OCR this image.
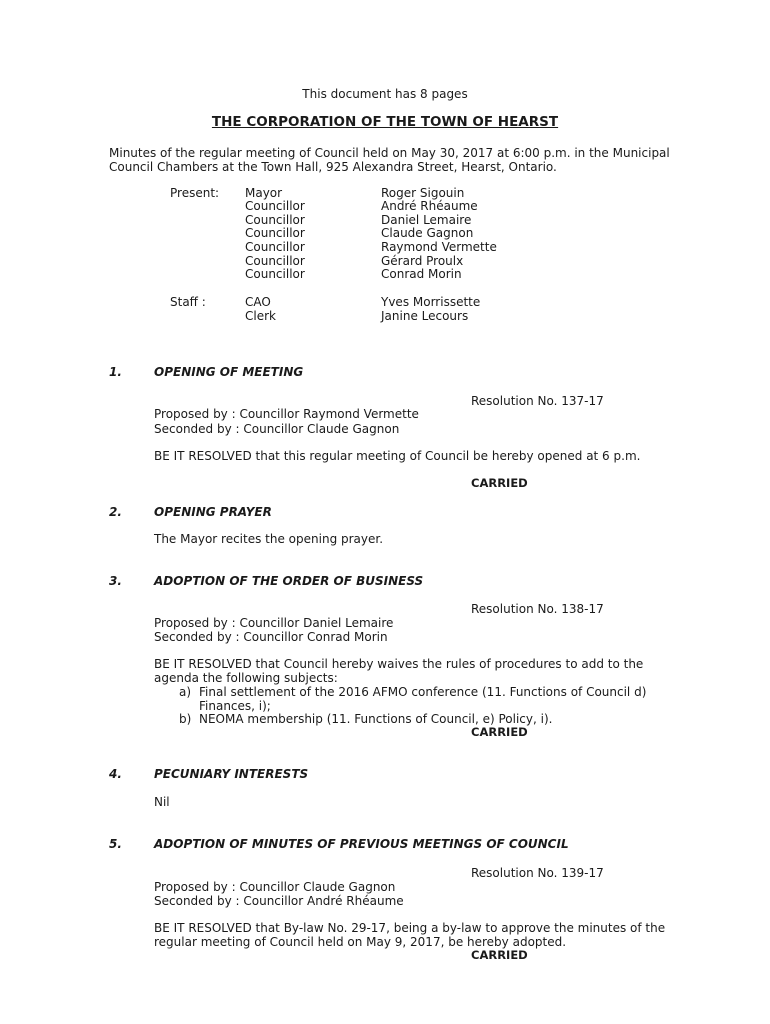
This document has 8 pages
THE CORPORATION OF THE TOWN OF HEARST
Minutes of the regular meeting of Council held on May 30, 2017 at 6:00 p.m. in the Municipal Council Chambers at the Town Hall, 925 Alexandra Street, Hearst, Ontario.
Present: Mayor	Roger Sigouin
Councillor	André Rhéaume
Councillor	Daniel Lemaire
Councillor	Claude Gagnon
Councillor	Raymond Vermette
Councillor	Gérard Proulx
Councillor	Conrad Morin
Staff :	CAO	Yves Morrissette
Clerk	Janine Lecours
1.	OPENING OF MEETING
Resolution No. 137-17
Proposed by : Councillor Raymond Vermette
Seconded by : Councillor Claude Gagnon
BE IT RESOLVED that this regular meeting of Council be hereby opened at 6 p.m.
CARRIED
2.	OPENING PRAYER
The Mayor recites the opening prayer.
3.	ADOPTION OF THE ORDER OF BUSINESS
Resolution No. 138-17
Proposed by : Councillor Daniel Lemaire
Seconded by : Councillor Conrad Morin
BE IT RESOLVED that Council hereby waives the rules of procedures to add to the agenda the following subjects:
a) Final settlement of the 2016 AFMO conference (11. Functions of Council d) Finances, i);
b) NEOMA membership (11. Functions of Council, e) Policy, i).
CARRIED
4.	PECUNIARY INTERESTS
Nil
5.	ADOPTION OF MINUTES OF PREVIOUS MEETINGS OF COUNCIL
Resolution No. 139-17
Proposed by : Councillor Claude Gagnon
Seconded by : Councillor André Rhéaume
BE IT RESOLVED that By-law No. 29-17, being a by-law to approve the minutes of the regular meeting of Council held on May 9, 2017, be hereby adopted.
CARRIED
